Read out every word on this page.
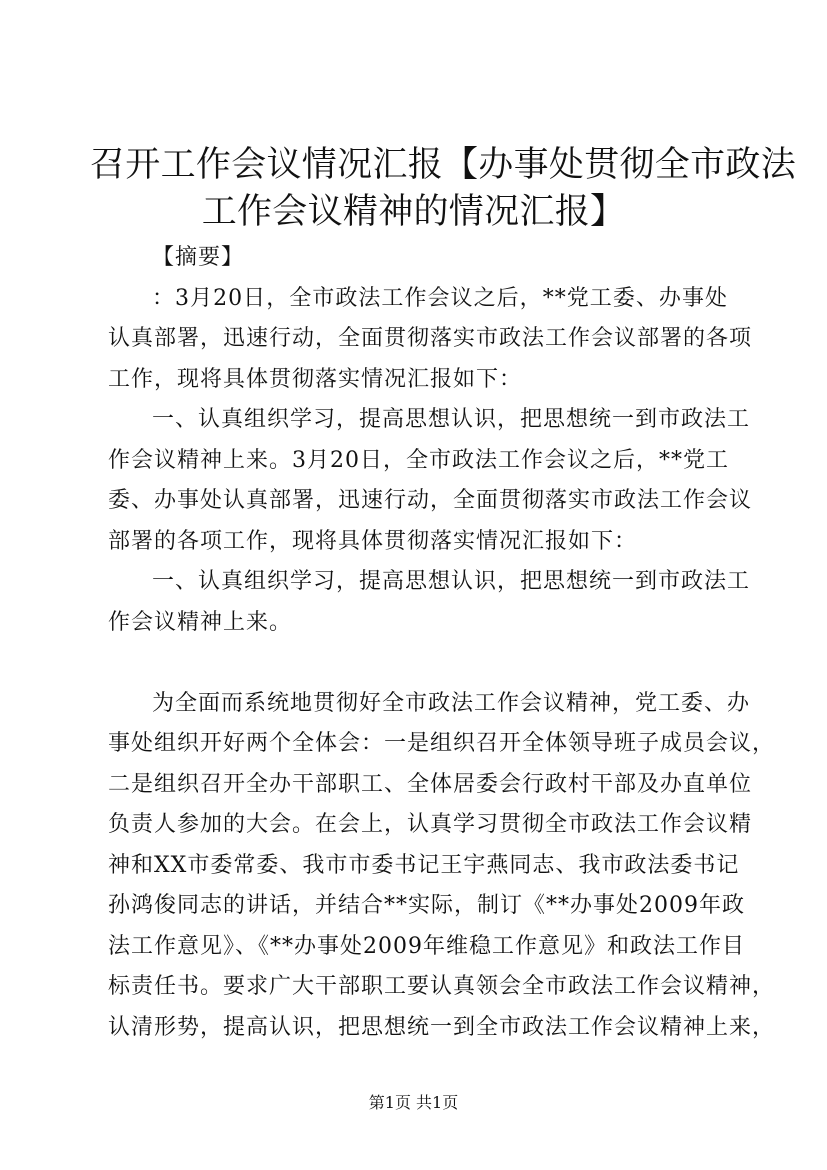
召开工作会议情况汇报【办事处贯彻全市政法
工作会议精神的情况汇报】
【摘要】
：3月20日，全市政法工作会议之后，**党工委、办事处
认真部署，迅速行动，全面贯彻落实市政法工作会议部署的各项
工作，现将具体贯彻落实情况汇报如下：
一、认真组织学习，提高思想认识，把思想统一到市政法工
作会议精神上来。3月20日，全市政法工作会议之后，**党工
委、办事处认真部署，迅速行动，全面贯彻落实市政法工作会议
部署的各项工作，现将具体贯彻落实情况汇报如下：
一、认真组织学习，提高思想认识，把思想统一到市政法工
作会议精神上来。
为全面而系统地贯彻好全市政法工作会议精神，党工委、办
事处组织开好两个全体会：一是组织召开全体领导班子成员会议，
二是组织召开全办干部职工、全体居委会行政村干部及办直单位
负责人参加的大会。在会上，认真学习贯彻全市政法工作会议精
神和XX市委常委、我市市委书记王宇燕同志、我市政法委书记
孙鸿俊同志的讲话，并结合**实际，制订《**办事处2009年政
法工作意见》、《**办事处2009年维稳工作意见》和政法工作目
标责任书。要求广大干部职工要认真领会全市政法工作会议精神，
认清形势，提高认识，把思想统一到全市政法工作会议精神上来，
第1页 共1页
